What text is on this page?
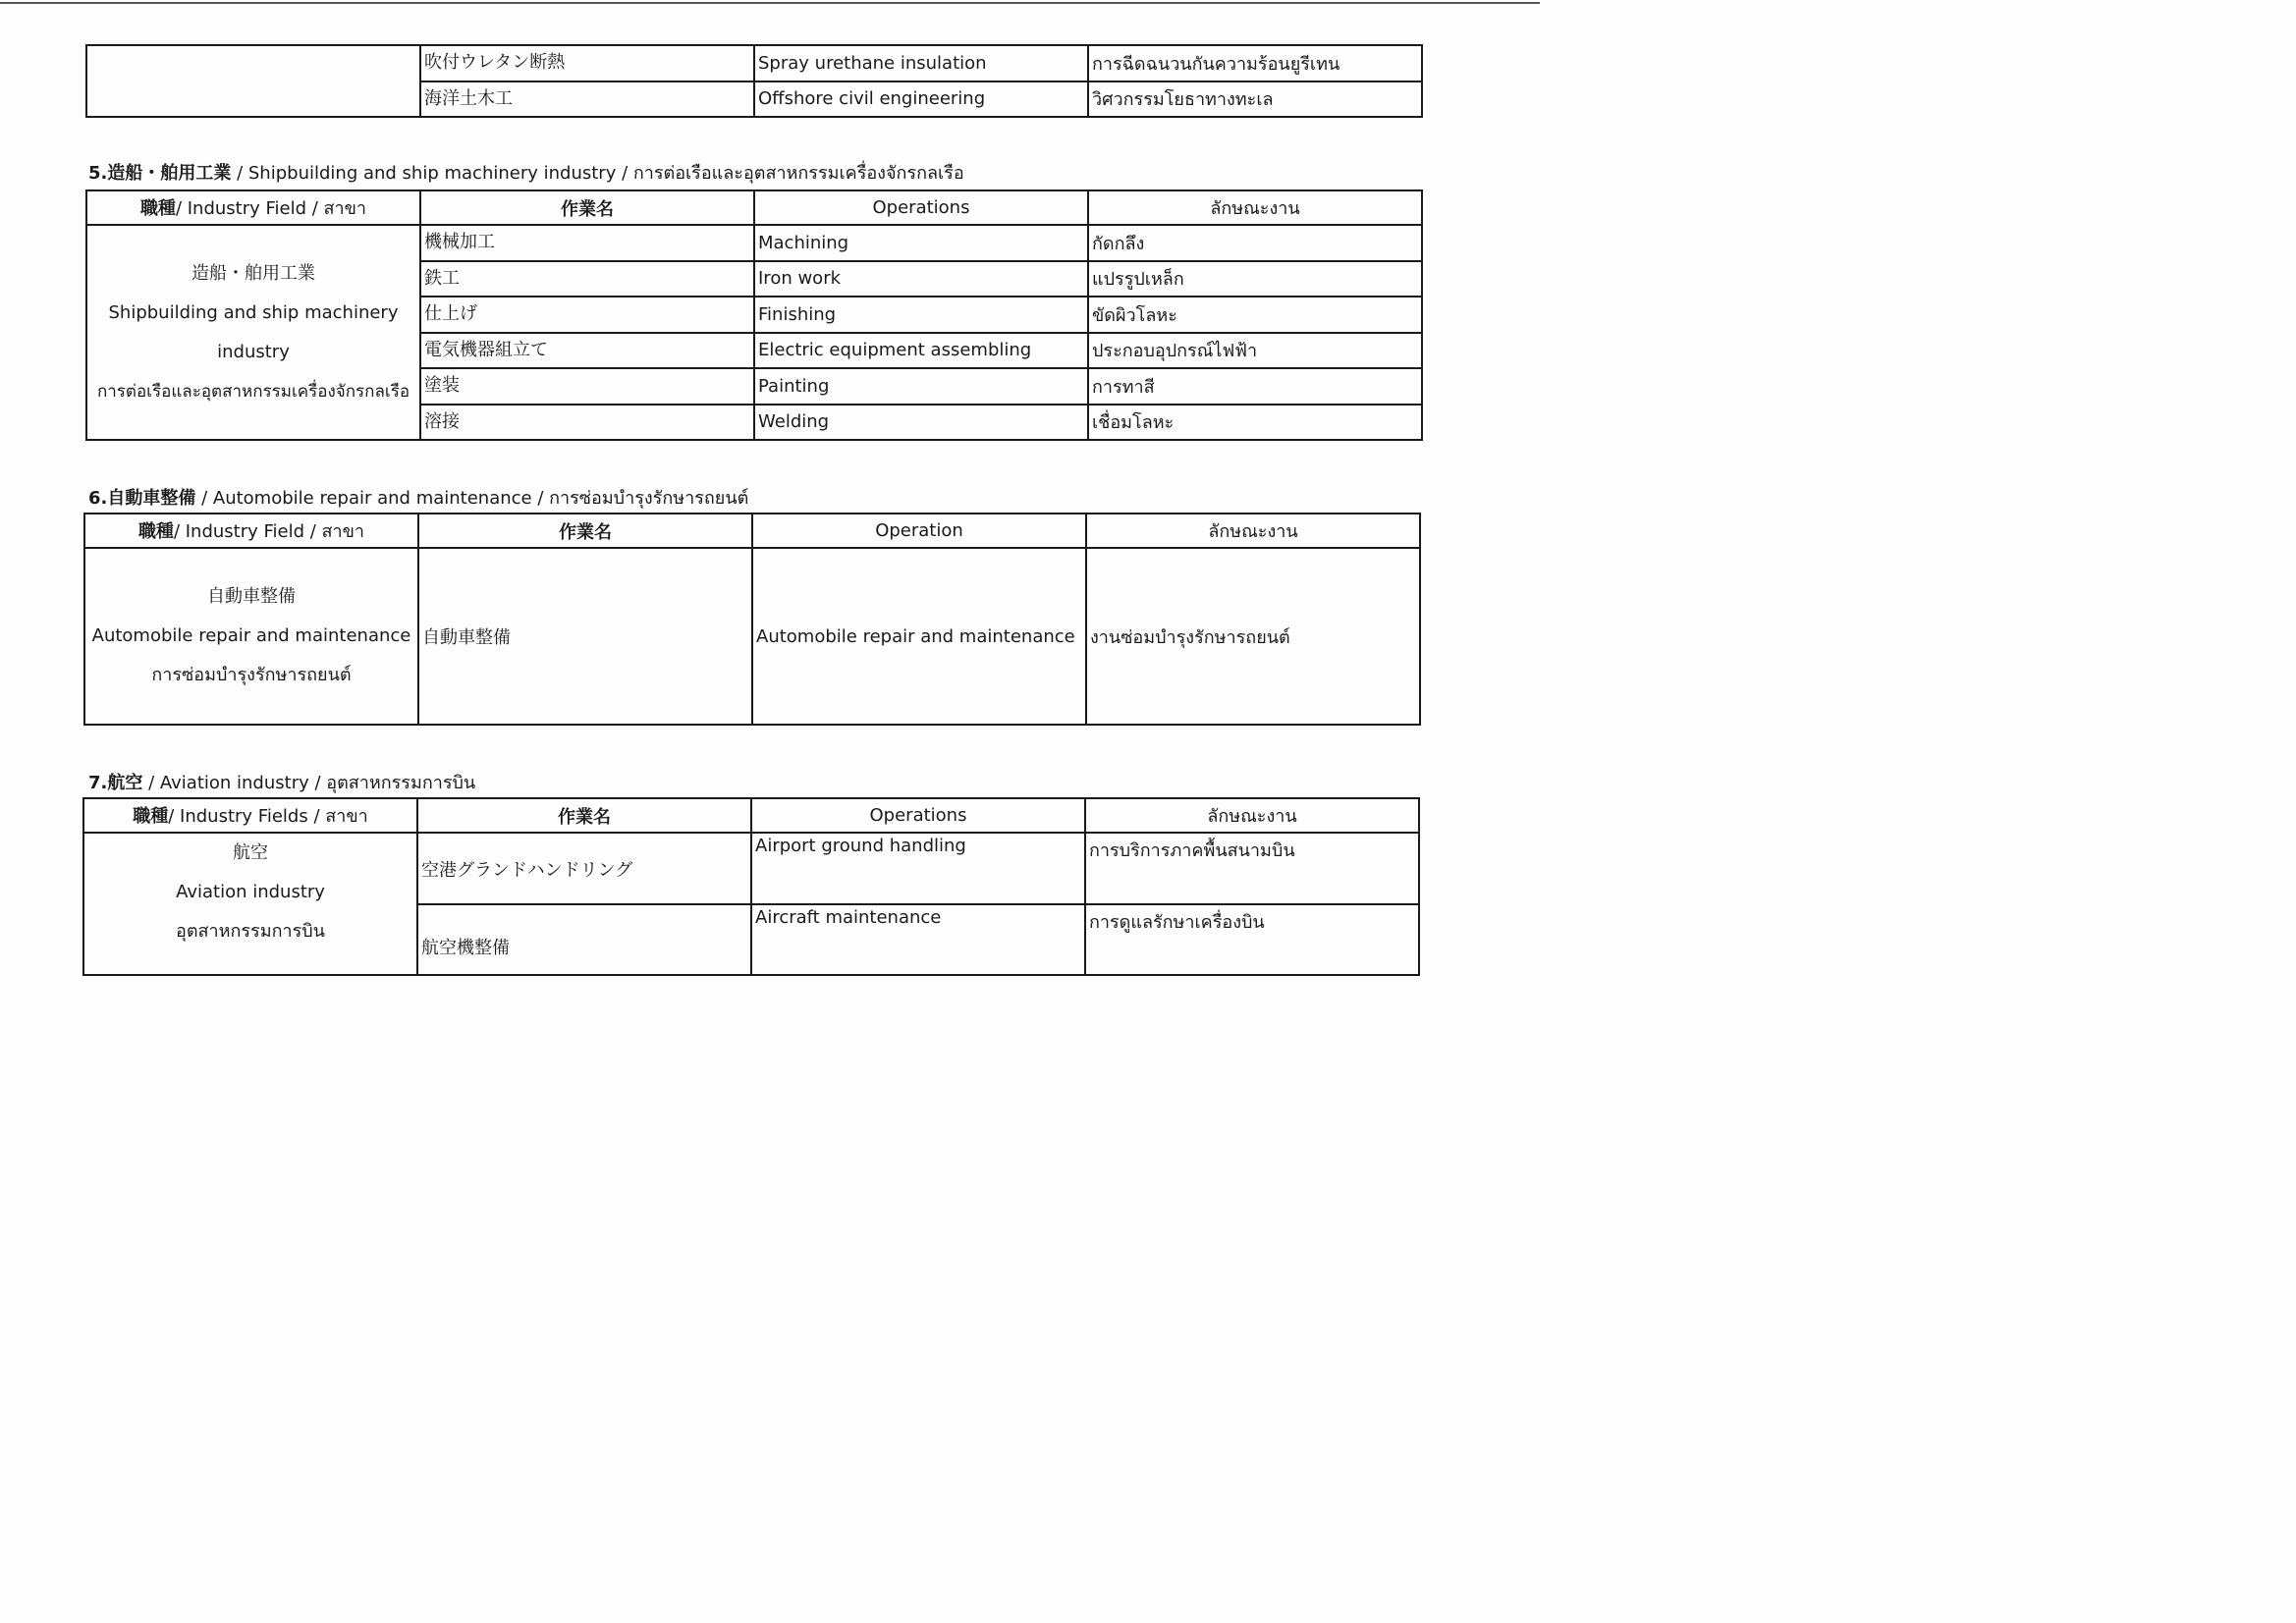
	吹付ウレタン断熱	Spray urethane insulation	การฉีดฉนวนกันความร้อนยูรีเทน
	海洋土木工	Offshore civil engineering	วิศวกรรมโยธาทางทะเล
5.造船・舶用工業 / Shipbuilding and ship machinery industry / การต่อเรือและอุตสาหกรรมเครื่องจักรกลเรือ
職種/ Industry Field / สาขา	作業名	Operations	ลักษณะงาน

造船・舶用工業
Shipbuilding and ship machinery industry
การต่อเรือและอุตสาหกรรมเครื่องจักรกลเรือ	機械加工	Machining	กัดกลึง
	鉄工	Iron work	แปรรูปเหล็ก
	仕上げ	Finishing	ขัดผิวโลหะ
	電気機器組立て	Electric equipment assembling	ประกอบอุปกรณ์ไฟฟ้า
	塗装	Painting	การทาสี
	溶接	Welding	เชื่อมโลหะ
6.自動車整備 / Automobile repair and maintenance / การซ่อมบำรุงรักษารถยนต์
職種/ Industry Field / สาขา	作業名	Operation	ลักษณะงาน

自動車整備
Automobile repair and maintenance
การซ่อมบำรุงรักษารถยนต์	自動車整備	Automobile repair and maintenance	งานซ่อมบำรุงรักษารถยนต์
7.航空 / Aviation industry / อุตสาหกรรมการบิน
職種/ Industry Fields / สาขา	作業名	Operations	ลักษณะงาน

航空
Aviation industry
อุตสาหกรรมการบิน	空港グランドハンドリング	Airport ground handling	การบริการภาคพื้นสนามบิน
	航空機整備	Aircraft maintenance	การดูแลรักษาเครื่องบิน
